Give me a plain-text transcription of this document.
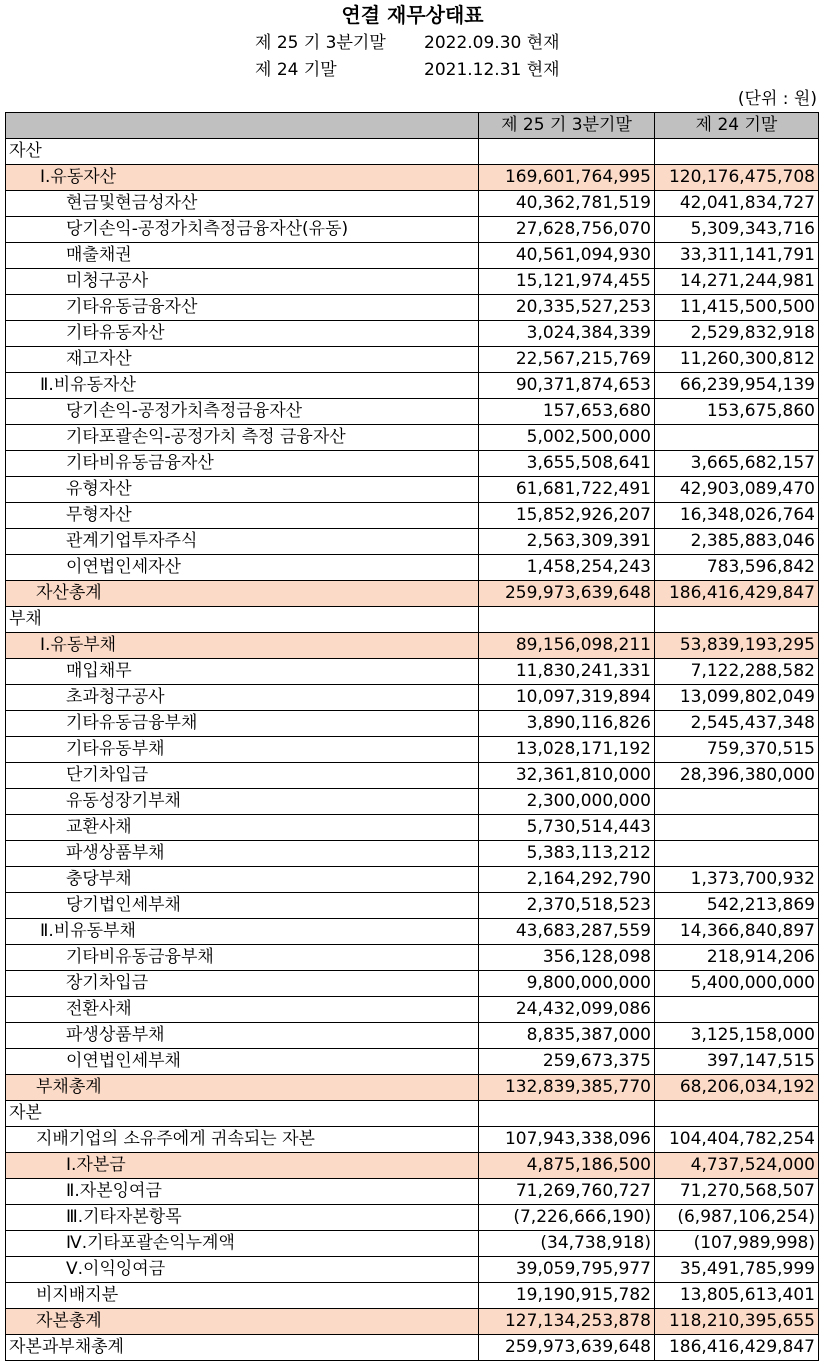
연결 재무상태표
제 25 기 3분기말 2022.09.30 현재
제 24 기말	2021.12.31 현재
(단위 : 원)
	제 25 기 3분기말	제 24 기말
자산		
Ⅰ.유동자산	169,601,764,995	120,176,475,708
현금및현금성자산	40,362,781,519	42,041,834,727
당기손익-공정가치측정금융자산(유동)	27,628,756,070	5,309,343,716
매출채권	40,561,094,930	33,311,141,791
미청구공사	15,121,974,455	14,271,244,981
기타유동금융자산	20,335,527,253	11,415,500,500
기타유동자산	3,024,384,339	2,529,832,918
재고자산	22,567,215,769	11,260,300,812
Ⅱ.비유동자산	90,371,874,653	66,239,954,139
당기손익-공정가치측정금융자산	157,653,680	153,675,860
기타포괄손익-공정가치 측정 금융자산	5,002,500,000	
기타비유동금융자산	3,655,508,641	3,665,682,157
유형자산	61,681,722,491	42,903,089,470
무형자산	15,852,926,207	16,348,026,764
관계기업투자주식	2,563,309,391	2,385,883,046
이연법인세자산	1,458,254,243	783,596,842
자산총계	259,973,639,648	186,416,429,847
부채		
Ⅰ.유동부채	89,156,098,211	53,839,193,295
매입채무	11,830,241,331	7,122,288,582
초과청구공사	10,097,319,894	13,099,802,049
기타유동금융부채	3,890,116,826	2,545,437,348
기타유동부채	13,028,171,192	759,370,515
단기차입금	32,361,810,000	28,396,380,000
유동성장기부채	2,300,000,000	
교환사채	5,730,514,443	
파생상품부채	5,383,113,212	
충당부채	2,164,292,790	1,373,700,932
당기법인세부채	2,370,518,523	542,213,869
Ⅱ.비유동부채	43,683,287,559	14,366,840,897
기타비유동금융부채	356,128,098	218,914,206
장기차입금	9,800,000,000	5,400,000,000
전환사채	24,432,099,086	
파생상품부채	8,835,387,000	3,125,158,000
이연법인세부채	259,673,375	397,147,515
부채총계	132,839,385,770	68,206,034,192
자본		
지배기업의 소유주에게 귀속되는 자본	107,943,338,096	104,404,782,254
Ⅰ.자본금	4,875,186,500	4,737,524,000
Ⅱ.자본잉여금	71,269,760,727	71,270,568,507
Ⅲ.기타자본항목	(7,226,666,190)	(6,987,106,254)
Ⅳ.기타포괄손익누계액	(34,738,918)	(107,989,998)
Ⅴ.이익잉여금	39,059,795,977	35,491,785,999
비지배지분	19,190,915,782	13,805,613,401
자본총계	127,134,253,878	118,210,395,655
자본과부채총계	259,973,639,648	186,416,429,847
